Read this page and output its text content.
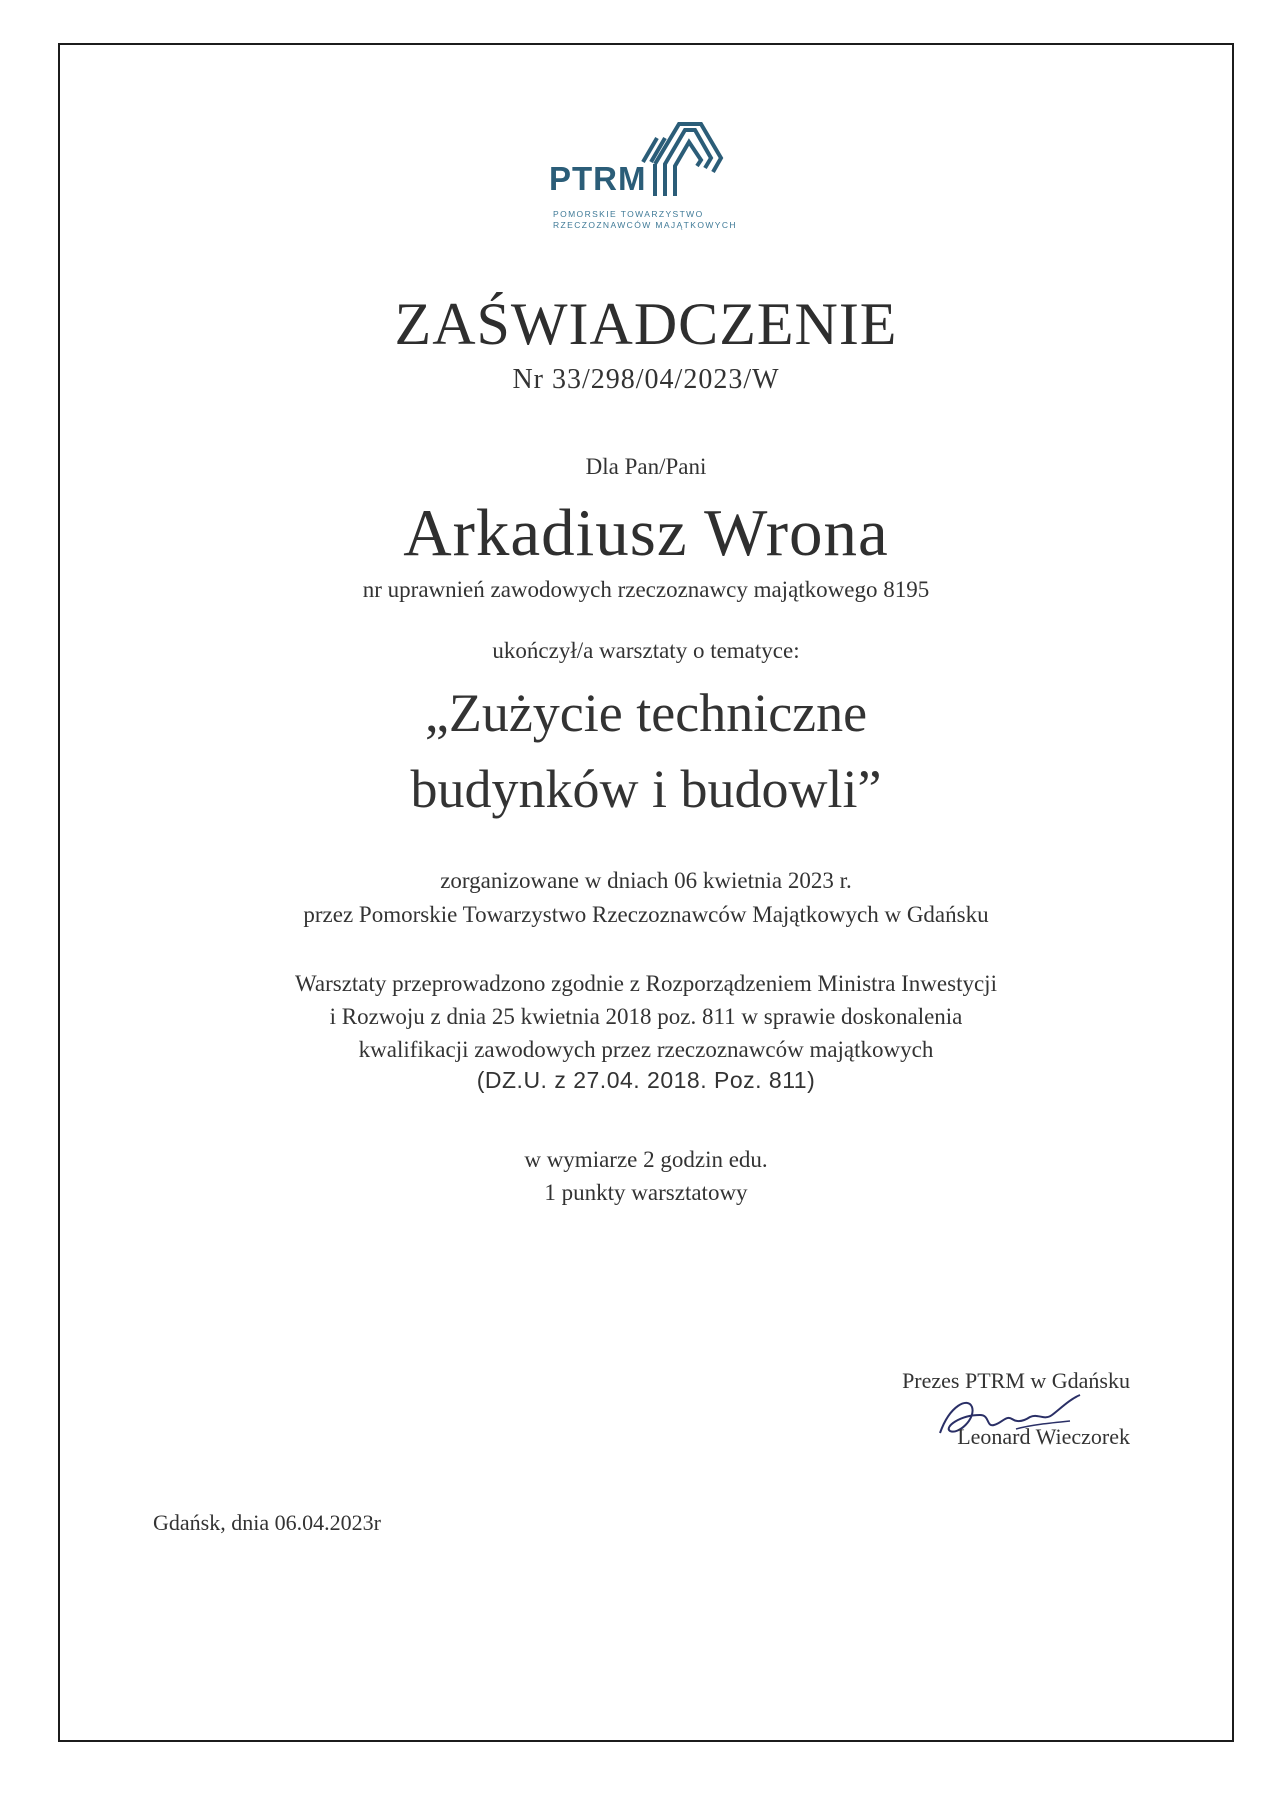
PTRM
POMORSKIE TOWARZYSTWO
RZECZOZNAWCÓW MAJĄTKOWYCH
ZAŚWIADCZENIE
Nr 33/298/04/2023/W
Dla Pan/Pani
Arkadiusz Wrona
nr uprawnień zawodowych rzeczoznawcy majątkowego 8195
ukończył/a warsztaty o tematyce:
„Zużycie techniczne
budynków i budowli”
zorganizowane w dniach 06 kwietnia 2023 r.
przez Pomorskie Towarzystwo Rzeczoznawców Majątkowych w Gdańsku
Warsztaty przeprowadzono zgodnie z Rozporządzeniem Ministra Inwestycji
i Rozwoju z dnia 25 kwietnia 2018 poz. 811 w sprawie doskonalenia
kwalifikacji zawodowych przez rzeczoznawców majątkowych
(DZ.U. z 27.04. 2018. Poz. 811)
w wymiarze 2 godzin edu.
1 punkty warsztatowy
Prezes PTRM w Gdańsku
Leonard Wieczorek
Gdańsk, dnia 06.04.2023r
